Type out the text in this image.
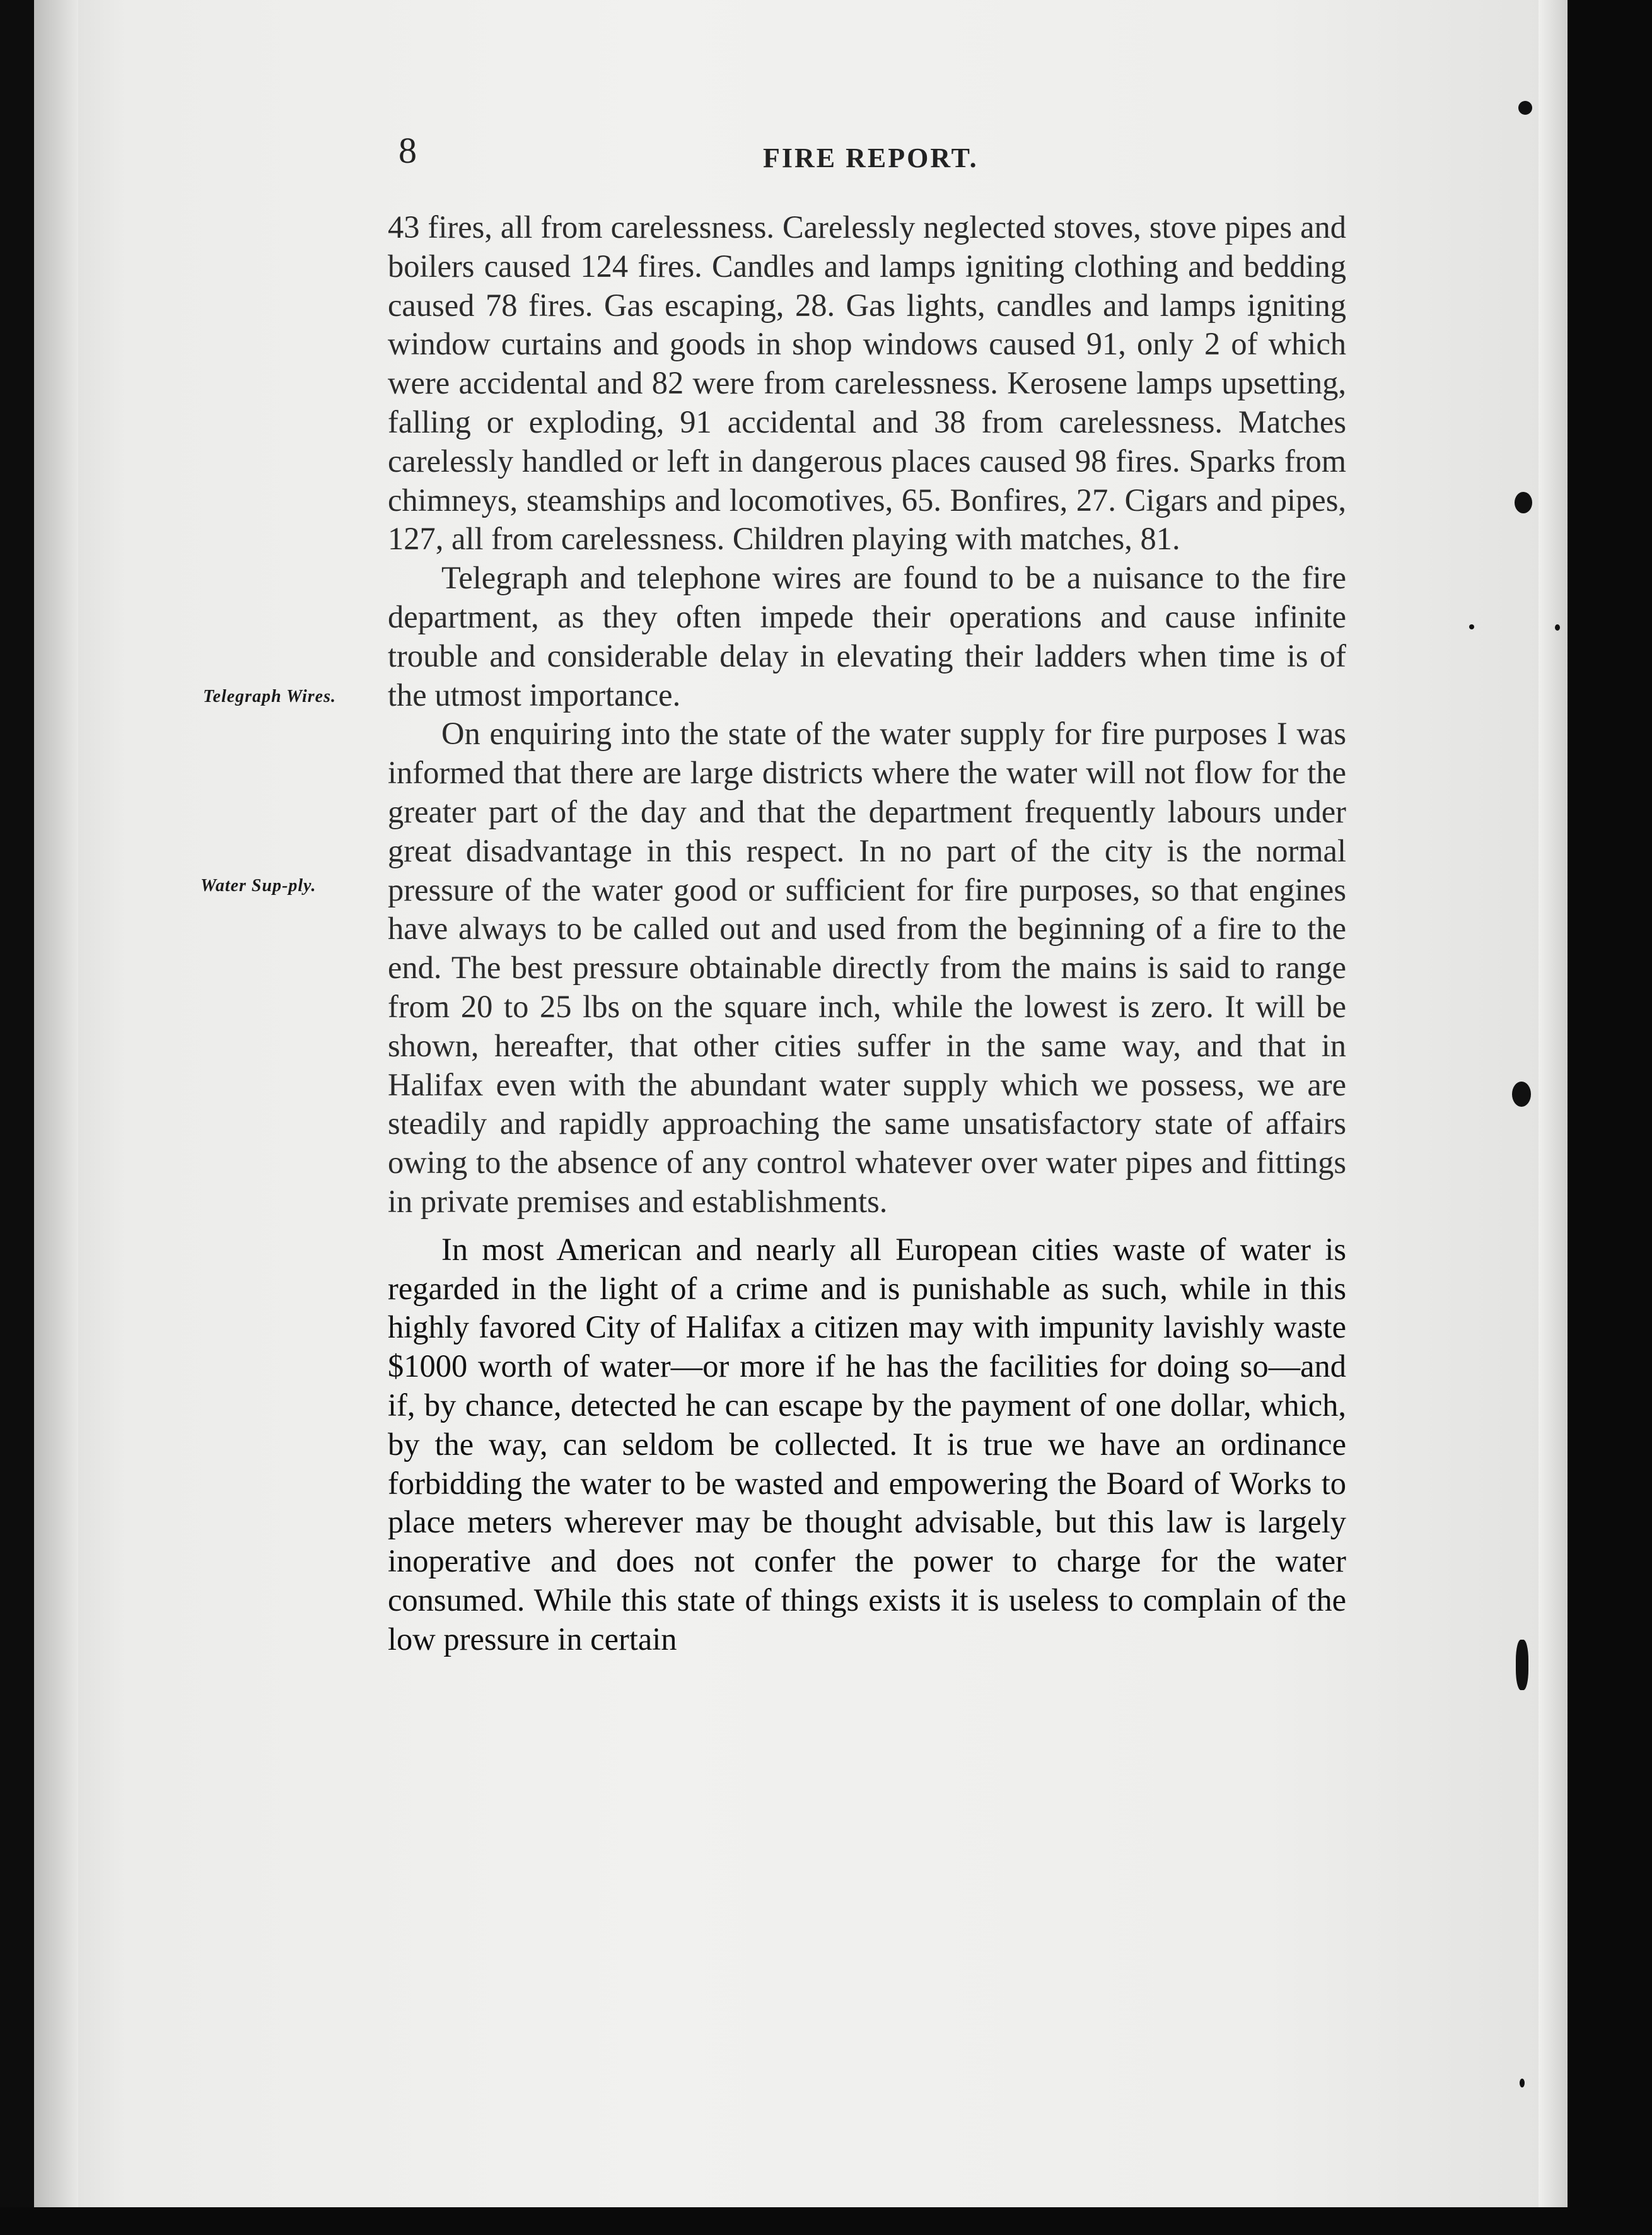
8	FIRE REPORT.
Telegraph Wires.
Water Sup-ply.

43 fires, all from carelessness. Carelessly neglected stoves, stove pipes and boilers caused 124 fires. Candles and lamps igniting clothing and bedding caused 78 fires. Gas escaping, 28. Gas lights, candles and lamps igniting window curtains and goods in shop windows caused 91, only 2 of which were accidental and 82 were from carelessness. Kerosene lamps upsetting, falling or exploding, 91 accidental and 38 from carelessness. Matches carelessly handled or left in dangerous places caused 98 fires. Sparks from chimneys, steamships and locomotives, 65. Bonfires, 27. Cigars and pipes, 127, all from carelessness. Children playing with matches, 81.

Telegraph and telephone wires are found to be a nuisance to the fire department, as they often impede their operations and cause infinite trouble and considerable delay in elevating their ladders when time is of the utmost importance.

On enquiring into the state of the water supply for fire purposes I was informed that there are large districts where the water will not flow for the greater part of the day and that the department frequently labours under great disadvantage in this respect. In no part of the city is the normal pressure of the water good or sufficient for fire purposes, so that engines have always to be called out and used from the beginning of a fire to the end. The best pressure obtainable directly from the mains is said to range from 20 to 25 lbs on the square inch, while the lowest is zero. It will be shown, hereafter, that other cities suffer in the same way, and that in Halifax even with the abundant water supply which we possess, we are steadily and rapidly approaching the same unsatisfactory state of affairs owing to the absence of any control whatever over water pipes and fittings in private premises and establishments.

In most American and nearly all European cities waste of water is regarded in the light of a crime and is punishable as such, while in this highly favored City of Halifax a citizen may with impunity lavishly waste $1000 worth of water—or more if he has the facilities for doing so—and if, by chance, detected he can escape by the payment of one dollar, which, by the way, can seldom be collected. It is true we have an ordinance forbidding the water to be wasted and empowering the Board of Works to place meters wherever may be thought advisable, but this law is largely inoperative and does not confer the power to charge for the water consumed. While this state of things exists it is useless to complain of the low pressure in certain
